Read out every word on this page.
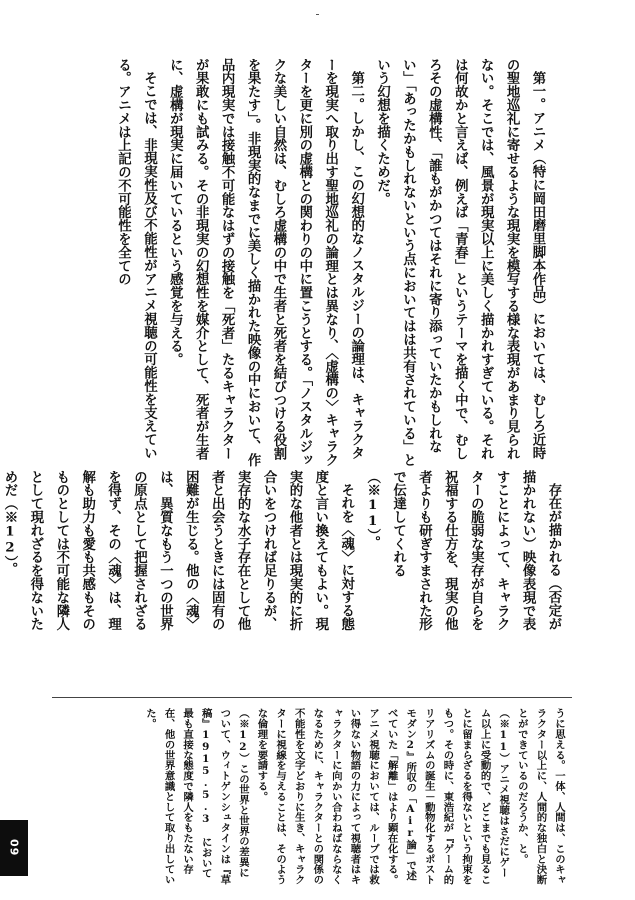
第一。アニメ（特に岡田磨里脚本作品）においては、むしろ近時の聖地巡礼に寄せるような現実を模写する様な表現があまり見られない。そこでは、風景が現実以上に美しく描かれすぎている。それは何故かと言えば、例えば「青春」というテーマを描く中で、むしろその虚構性、「誰もがかつてはそれに寄り添っていたかもしれない」「あったかもしれないという点においてはは共有されている」という幻想を描くためだ。

第二。しかし、この幻想的なノスタルジーの論理は、キャラクターを現実へ取り出す聖地巡礼の論理とは異なり、〈虚構の〉キャラクターを更に別の虚構との関わりの中に置こうとする。「ノスタルジックな美しい自然は、むしろ虚構の中で生者と死者を結びつける役割を果たす」。非現実的なまでに美しく描かれた映像の中において、作品内現実では接触不可能なはずの接触を「死者」たるキャラクターが果敢にも試みる。その非現実の幻想性を媒介として、死者が生者に、虚構が現実に届いているという感覚を与える。

そこでは、非現実性及び不能性がアニメ視聴の可能性を支えている。アニメは上記の不可能性を全ての

存在が描かれる（否定が描かれない）映像表現で表すことによって、キャラクターの脆弱な実存が自らを祝福する仕方を、現実の他者よりも研ぎすまされた形で伝達してくれる（※11）。

それを〈魂〉に対する態度と言い換えてもよい。現実的な他者とは現実的に折合いをつければ足りるが、実存的な水子存在として他者と出会うときには固有の困難が生じる。他の〈魂〉は、異質なもう一つの世界の原点として把握されざるを得ず、その〈魂〉は、理解も助力も愛も共感もそのものとしては不可能な隣人として現れざるを得ないためだ（※12）。

うに思える。一体、人間は、このキャラクター以上に、人間的な独白と決断とができているのだろうか、と。

（※11）アニメ視聴はさだにゲーム以上に受動的で、どこまでも見ることに留まらざるを得ないという拘束をもつ。その時に、東浩紀が『ゲーム的リアリズムの誕生－動物化するポストモダン2』所収の「Air論」で述べていた「解離」はより顕在化する。アニメ視聴においては、ループでは救い得ない物語の力によって視聴者はキャラクターに向かい合わねばならなくなるために、キャラクターとの関係の不能性を文字どおりに生き、キャラクターに視線を与えることは、そのような倫理を要請する。

（※12）この世界と世界の差異について、ウィトゲンシュタインは『草稿』1915.5.3 において最も直接な態度で隣人をもたない存在、他の世界意識として取り出していた。

09
